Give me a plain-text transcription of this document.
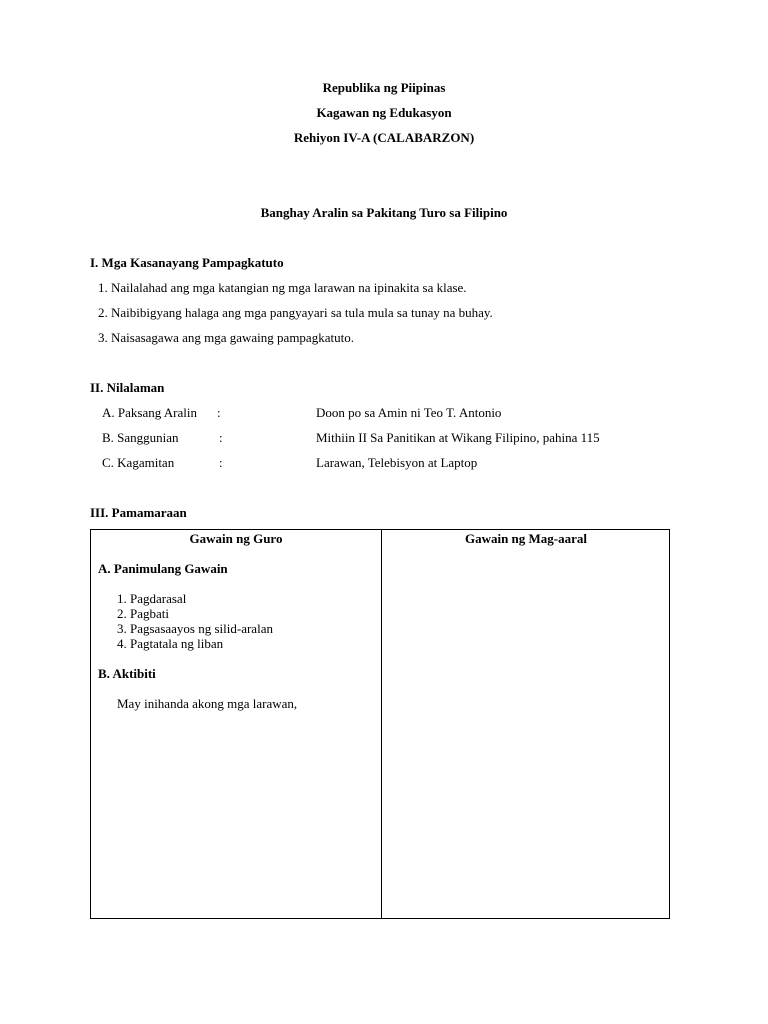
Republika ng Piipinas
Kagawan ng Edukasyon
Rehiyon IV-A (CALABARZON)
Banghay Aralin sa Pakitang Turo sa Filipino
I. Mga Kasanayang Pampagkatuto
1. Nailalahad ang mga katangian ng mga larawan na ipinakita sa klase.
2. Naibibigyang halaga ang mga pangyayari sa tula mula sa tunay na buhay.
3. Naisasagawa ang mga gawaing pampagkatuto.
II. Nilalaman
A. Paksang Aralin :	Doon po sa Amin ni Teo T. Antonio
B. Sanggunian	:	Mithiin II Sa Panitikan at Wikang Filipino, pahina 115
C. Kagamitan	:	Larawan, Telebisyon at Laptop
III. Pamamaraan
Gawain ng Guro	Gawain ng Mag-aaral
A. Panimulang Gawain
1. Pagdarasal
2. Pagbati
3. Pagsasaayos ng silid-aralan
4. Pagtatala ng liban
B. Aktibiti
May inihanda akong mga larawan,
